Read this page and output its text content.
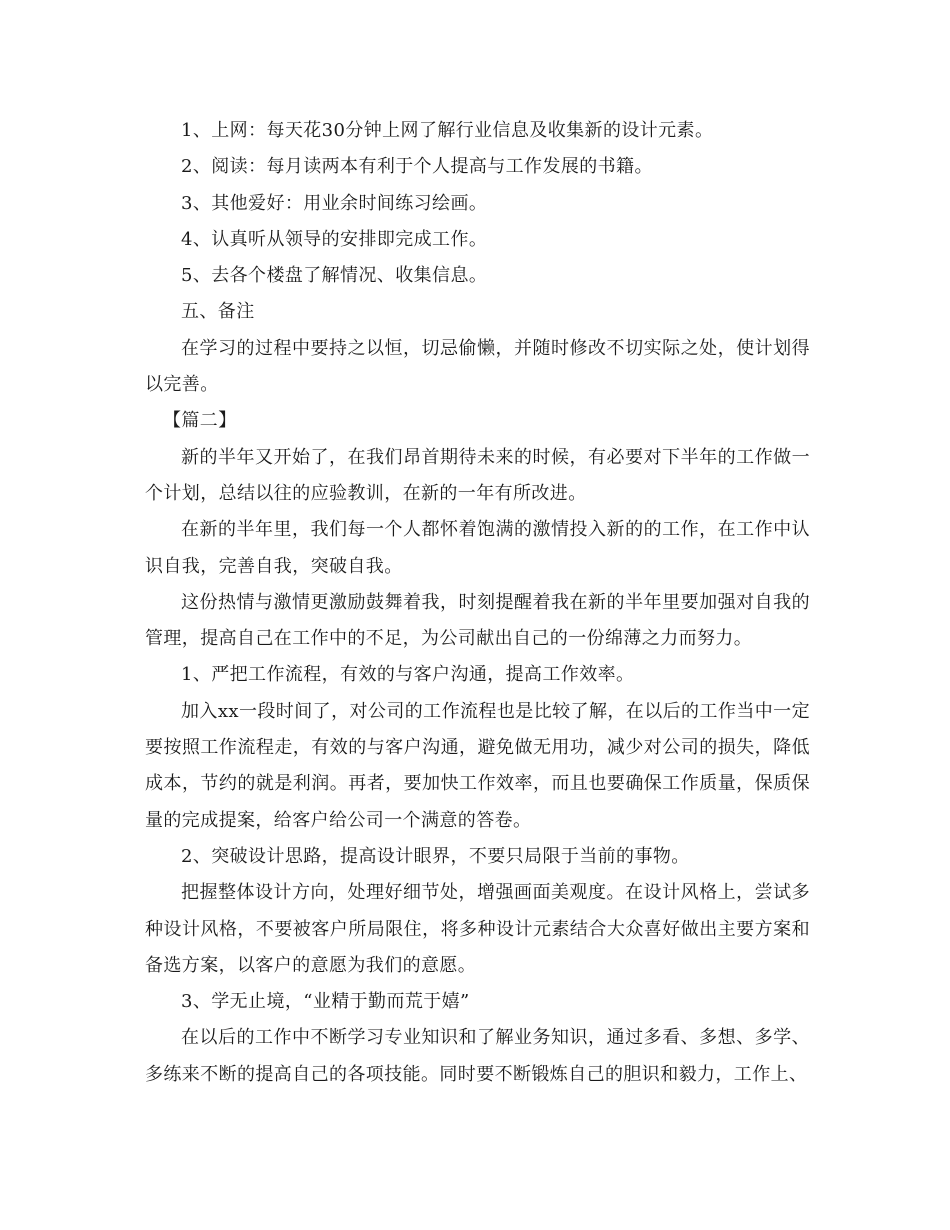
1、上网：每天花30分钟上网了解行业信息及收集新的设计元素。

2、阅读：每月读两本有利于个人提高与工作发展的书籍。

3、其他爱好：用业余时间练习绘画。

4、认真听从领导的安排即完成工作。

5、去各个楼盘了解情况、收集信息。

五、备注

在学习的过程中要持之以恒，切忌偷懒，并随时修改不切实际之处，使计划得以完善。

【篇二】

新的半年又开始了，在我们昂首期待未来的时候，有必要对下半年的工作做一个计划，总结以往的应验教训，在新的一年有所改进。

在新的半年里，我们每一个人都怀着饱满的激情投入新的的工作，在工作中认识自我，完善自我，突破自我。

这份热情与激情更激励鼓舞着我，时刻提醒着我在新的半年里要加强对自我的管理，提高自己在工作中的不足，为公司献出自己的一份绵薄之力而努力。

1、严把工作流程，有效的与客户沟通，提高工作效率。

加入xx一段时间了，对公司的工作流程也是比较了解，在以后的工作当中一定要按照工作流程走，有效的与客户沟通，避免做无用功，减少对公司的损失，降低成本，节约的就是利润。再者，要加快工作效率，而且也要确保工作质量，保质保量的完成提案，给客户给公司一个满意的答卷。

2、突破设计思路，提高设计眼界，不要只局限于当前的事物。

把握整体设计方向，处理好细节处，增强画面美观度。在设计风格上，尝试多种设计风格，不要被客户所局限住，将多种设计元素结合大众喜好做出主要方案和备选方案，以客户的意愿为我们的意愿。

3、学无止境，“业精于勤而荒于嬉”

在以后的工作中不断学习专业知识和了解业务知识，通过多看、多想、多学、多练来不断的提高自己的各项技能。同时要不断锻炼自己的胆识和毅力，工作上、
